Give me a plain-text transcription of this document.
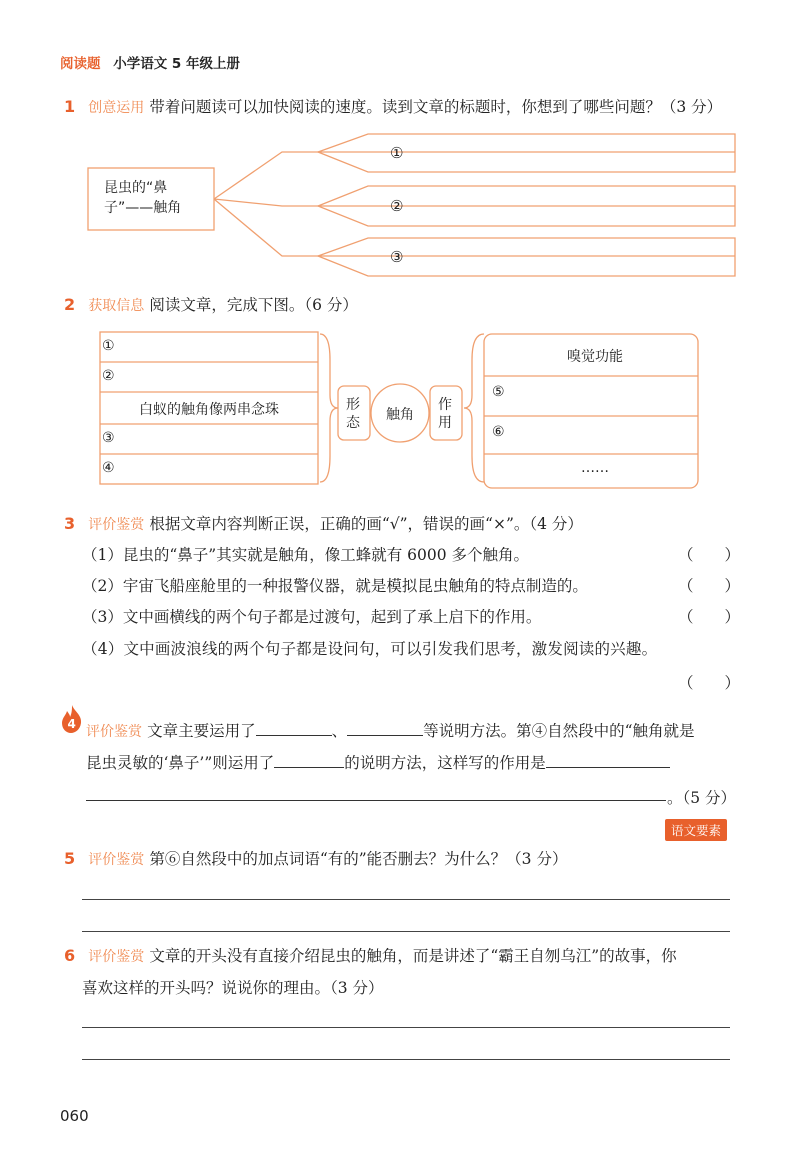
阅读题 小学语文 5 年级上册
1 创意运用 带着问题读可以加快阅读的速度。读到文章的标题时，你想到了哪些问题？（3 分）
昆虫的“鼻
子”——触角
①
②
③
2 获取信息 阅读文章，完成下图。（6 分）
①
②
白蚁的触角像两串念珠
③
④
形
态	触角
作
用
嗅觉功能
⑤
⑥
……
3 评价鉴赏 根据文章内容判断正误，正确的画“√”，错误的画“×”。（4 分）
（1）昆虫的“鼻子”其实就是触角，像工蜂就有 6000 多个触角。	（　　）
（2）宇宙飞船座舱里的一种报警仪器，就是模拟昆虫触角的特点制造的。	（　　）
（3）文中画横线的两个句子都是过渡句，起到了承上启下的作用。	（　　）
（4）文中画波浪线的两个句子都是设问句，可以引发我们思考，激发阅读的兴趣。
（　　）
4 评价鉴赏 文章主要运用了	、	等说明方法。第④自然段中的“触角就是
昆虫灵敏的‘鼻子’”则运用了	的说明方法，这样写的作用是
。（5 分）
语文要素
5 评价鉴赏 第⑥自然段中的加点词语“有的”能否删去？为什么？（3 分）
6 评价鉴赏 文章的开头没有直接介绍昆虫的触角，而是讲述了“霸王自刎乌江”的故事，你
喜欢这样的开头吗？说说你的理由。（3 分）
060
